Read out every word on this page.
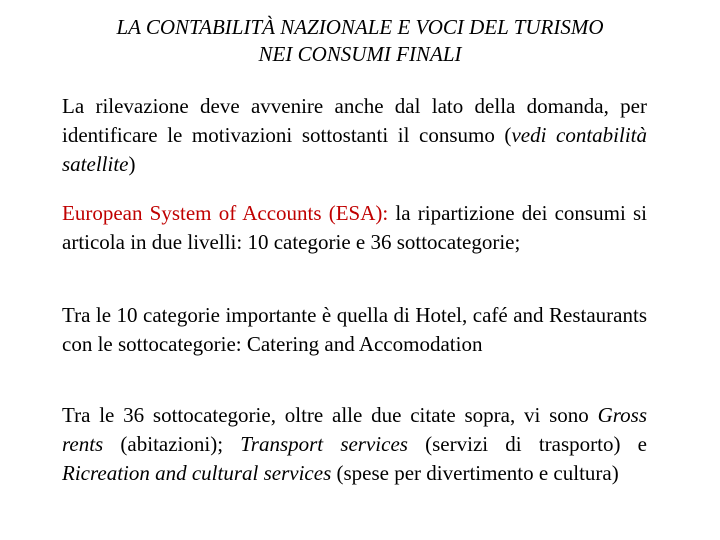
LA CONTABILITÀ NAZIONALE E VOCI DEL TURISMO
NEI CONSUMI FINALI
La rilevazione deve avvenire anche dal lato della domanda, per identificare le motivazioni sottostanti il consumo (vedi contabilità satellite)
European System of Accounts (ESA): la ripartizione dei consumi si articola in due livelli: 10 categorie e 36 sottocategorie;
Tra le 10 categorie importante è quella di Hotel, café and Restaurants con le sottocategorie: Catering and Accomodation
Tra le 36 sottocategorie, oltre alle due citate sopra, vi sono Gross rents (abitazioni); Transport services (servizi di trasporto) e Ricreation and cultural services (spese per divertimento e cultura)
